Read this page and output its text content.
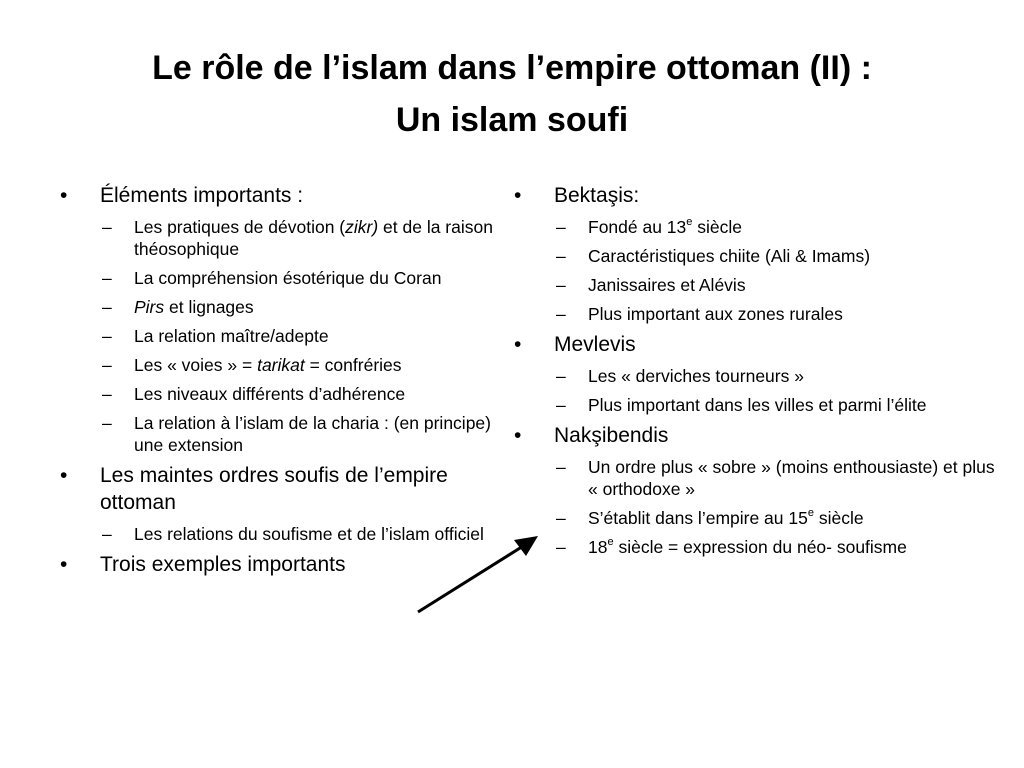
Le rôle de l’islam dans l’empire ottoman (II) :
Un islam soufi
• Éléments importants :
– Les pratiques de dévotion (zikr) et de la raison théosophique
– La compréhension ésotérique du Coran
– Pirs et lignages
– La relation maître/adepte
– Les « voies » = tarikat = confréries
– Les niveaux différents d’adhérence
– La relation à l’islam de la charia : (en principe) une extension
• Les maintes ordres soufis de l’empire ottoman
– Les relations du soufisme et de l’islam officiel
• Trois exemples importants
• Bektaşis:
– Fondé au 13e siècle
– Caractéristiques chiite (Ali & Imams)
– Janissaires et Alévis
– Plus important aux zones rurales
• Mevlevis
– Les « derviches tourneurs »
– Plus important dans les villes et parmi l’élite
• Nakşibendis
– Un ordre plus « sobre » (moins enthousiaste) et plus « orthodoxe »
– S’établit dans l’empire au 15e siècle
– 18e siècle = expression du néo- soufisme
